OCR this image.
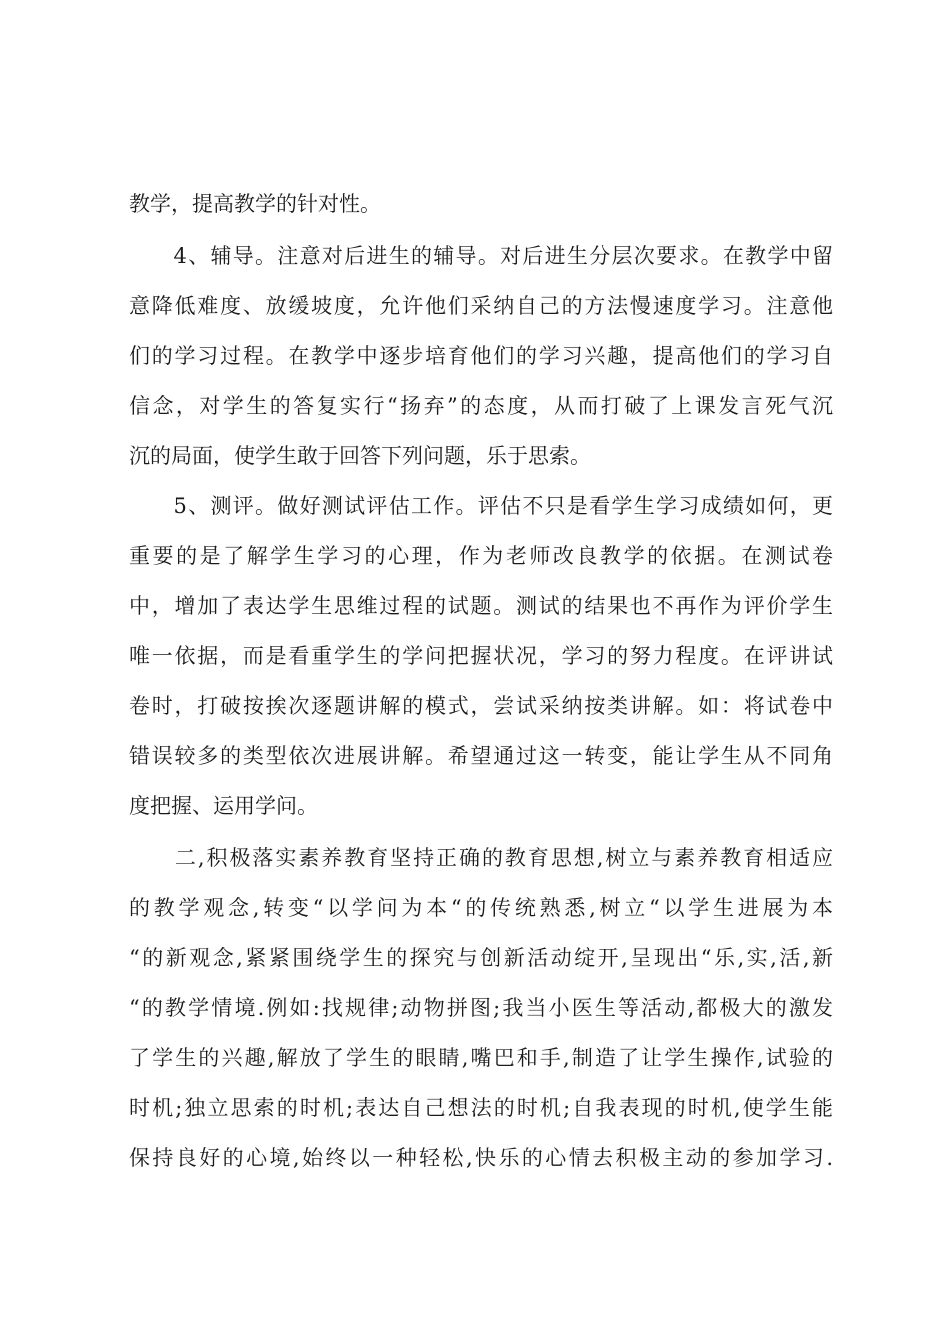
教学，提高教学的针对性。
　　4、辅导。注意对后进生的辅导。对后进生分层次要求。在教学中留
意降低难度、放缓坡度，允许他们采纳自己的方法慢速度学习。注意他
们的学习过程。在教学中逐步培育他们的学习兴趣，提高他们的学习自
信念，对学生的答复实行“扬弃”的态度，从而打破了上课发言死气沉
沉的局面，使学生敢于回答下列问题，乐于思索。
　　5、测评。做好测试评估工作。评估不只是看学生学习成绩如何，更
重要的是了解学生学习的心理，作为老师改良教学的依据。在测试卷
中，增加了表达学生思维过程的试题。测试的结果也不再作为评价学生
唯一依据，而是看重学生的学问把握状况，学习的努力程度。在评讲试
卷时，打破按挨次逐题讲解的模式，尝试采纳按类讲解。如：将试卷中
错误较多的类型依次进展讲解。希望通过这一转变，能让学生从不同角
度把握、运用学问。
　　二,积极落实素养教育坚持正确的教育思想,树立与素养教育相适应
的教学观念,转变“以学问为本“的传统熟悉,树立“以学生进展为本
“的新观念,紧紧围绕学生的探究与创新活动绽开,呈现出“乐,实,活,新
“的教学情境.例如:找规律;动物拼图;我当小医生等活动,都极大的激发
了学生的兴趣,解放了学生的眼睛,嘴巴和手,制造了让学生操作,试验的
时机;独立思索的时机;表达自己想法的时机;自我表现的时机,使学生能
保持良好的心境,始终以一种轻松,快乐的心情去积极主动的参加学习.
